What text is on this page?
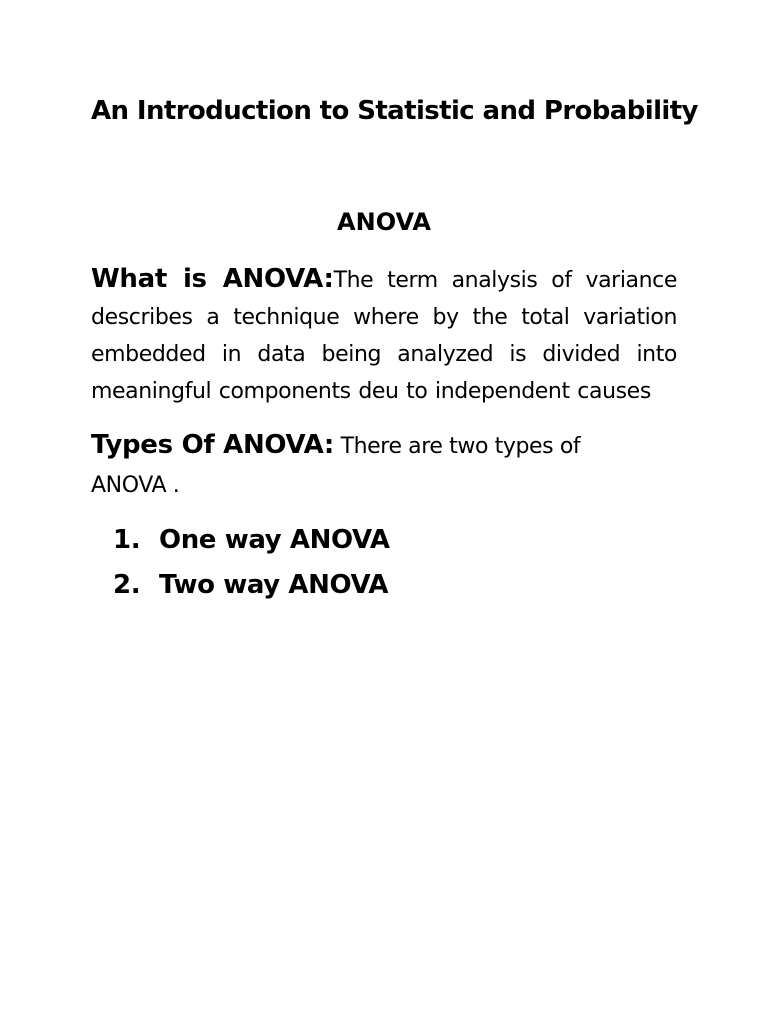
An Introduction to Statistic and Probability
ANOVA

What is ANOVA:The term analysis of variance describes a technique where by the total variation embedded in data being analyzed is divided into meaningful components deu to independent causes

Types Of ANOVA: There are two types of
ANOVA .

1. One way ANOVA
2. Two way ANOVA
